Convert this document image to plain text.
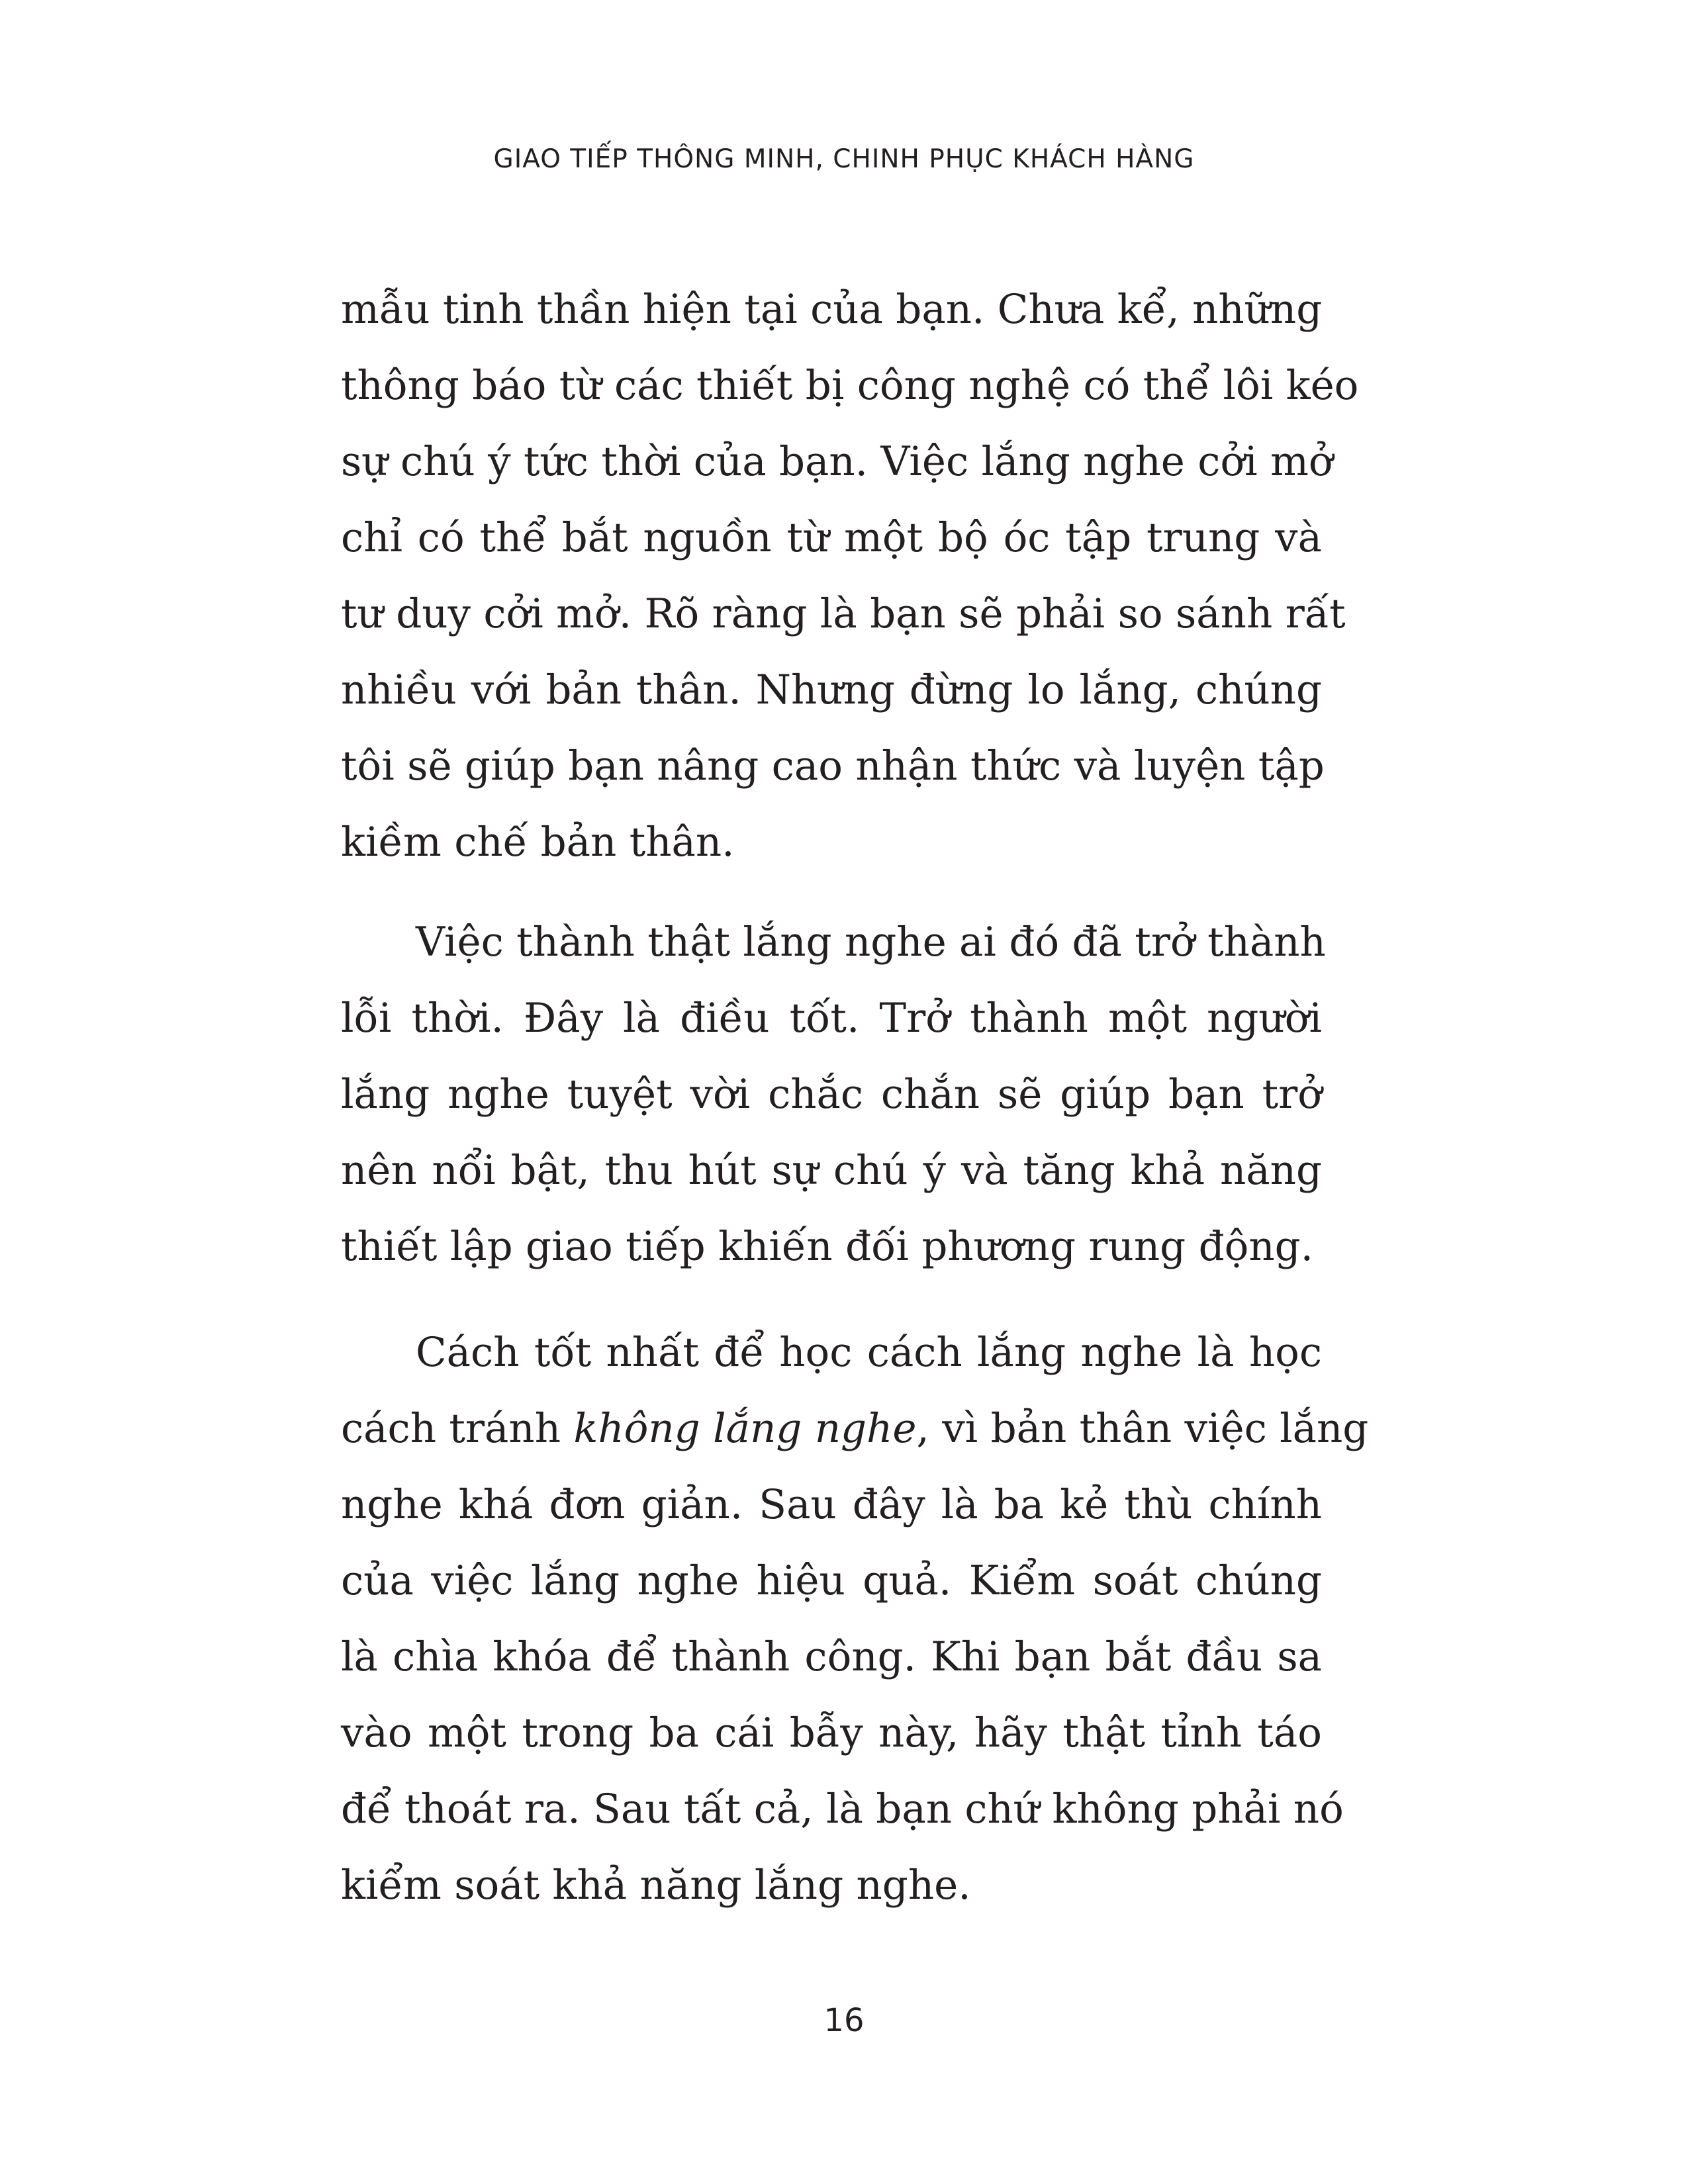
GIAO TIẾP THÔNG MINH, CHINH PHỤC KHÁCH HÀNG
mẫu tinh thần hiện tại của bạn. Chưa kể, những
thông báo từ các thiết bị công nghệ có thể lôi kéo
sự chú ý tức thời của bạn. Việc lắng nghe cởi mở
chỉ có thể bắt nguồn từ một bộ óc tập trung và
tư duy cởi mở. Rõ ràng là bạn sẽ phải so sánh rất
nhiều với bản thân. Nhưng đừng lo lắng, chúng
tôi sẽ giúp bạn nâng cao nhận thức và luyện tập
kiềm chế bản thân.
Việc thành thật lắng nghe ai đó đã trở thành
lỗi thời. Đây là điều tốt. Trở thành một người
lắng nghe tuyệt vời chắc chắn sẽ giúp bạn trở
nên nổi bật, thu hút sự chú ý và tăng khả năng
thiết lập giao tiếp khiến đối phương rung động.
Cách tốt nhất để học cách lắng nghe là học
cách tránh không lắng nghe, vì bản thân việc lắng
nghe khá đơn giản. Sau đây là ba kẻ thù chính
của việc lắng nghe hiệu quả. Kiểm soát chúng
là chìa khóa để thành công. Khi bạn bắt đầu sa
vào một trong ba cái bẫy này, hãy thật tỉnh táo
để thoát ra. Sau tất cả, là bạn chứ không phải nó
kiểm soát khả năng lắng nghe.
16
